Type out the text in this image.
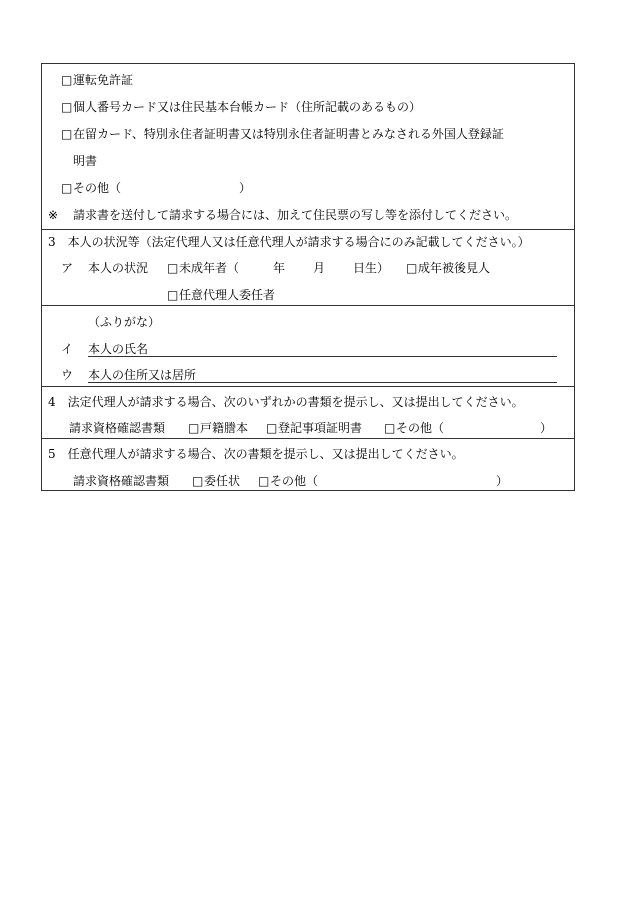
□ 運転免許証
□ 個人番号カード又は住民基本台帳カード（住所記載のあるもの）
□ 在留カード、特別永住者証明書又は特別永住者証明書とみなされる外国人登録証
明書
□ その他（	）
※ 請求書を送付して請求する場合には、加えて住民票の写し等を添付してください。
3　本人の状況等（法定代理人又は任意代理人が請求する場合にのみ記載してください。）
ア 本人の状況 □ 未成年者（	年 月 日生） □ 成年被後見人
□ 任意代理人委任者
（ふりがな）
イ 本人の氏名
ウ 本人の住所又は居所
4　法定代理人が請求する場合、次のいずれかの書類を提示し、又は提出してください。
請求資格確認書類 □ 戸籍謄本 □ 登記事項証明書 □ その他（	）
5　任意代理人が請求する場合、次の書類を提示し、又は提出してください。
請求資格確認書類 □ 委任状 □ その他（	）
